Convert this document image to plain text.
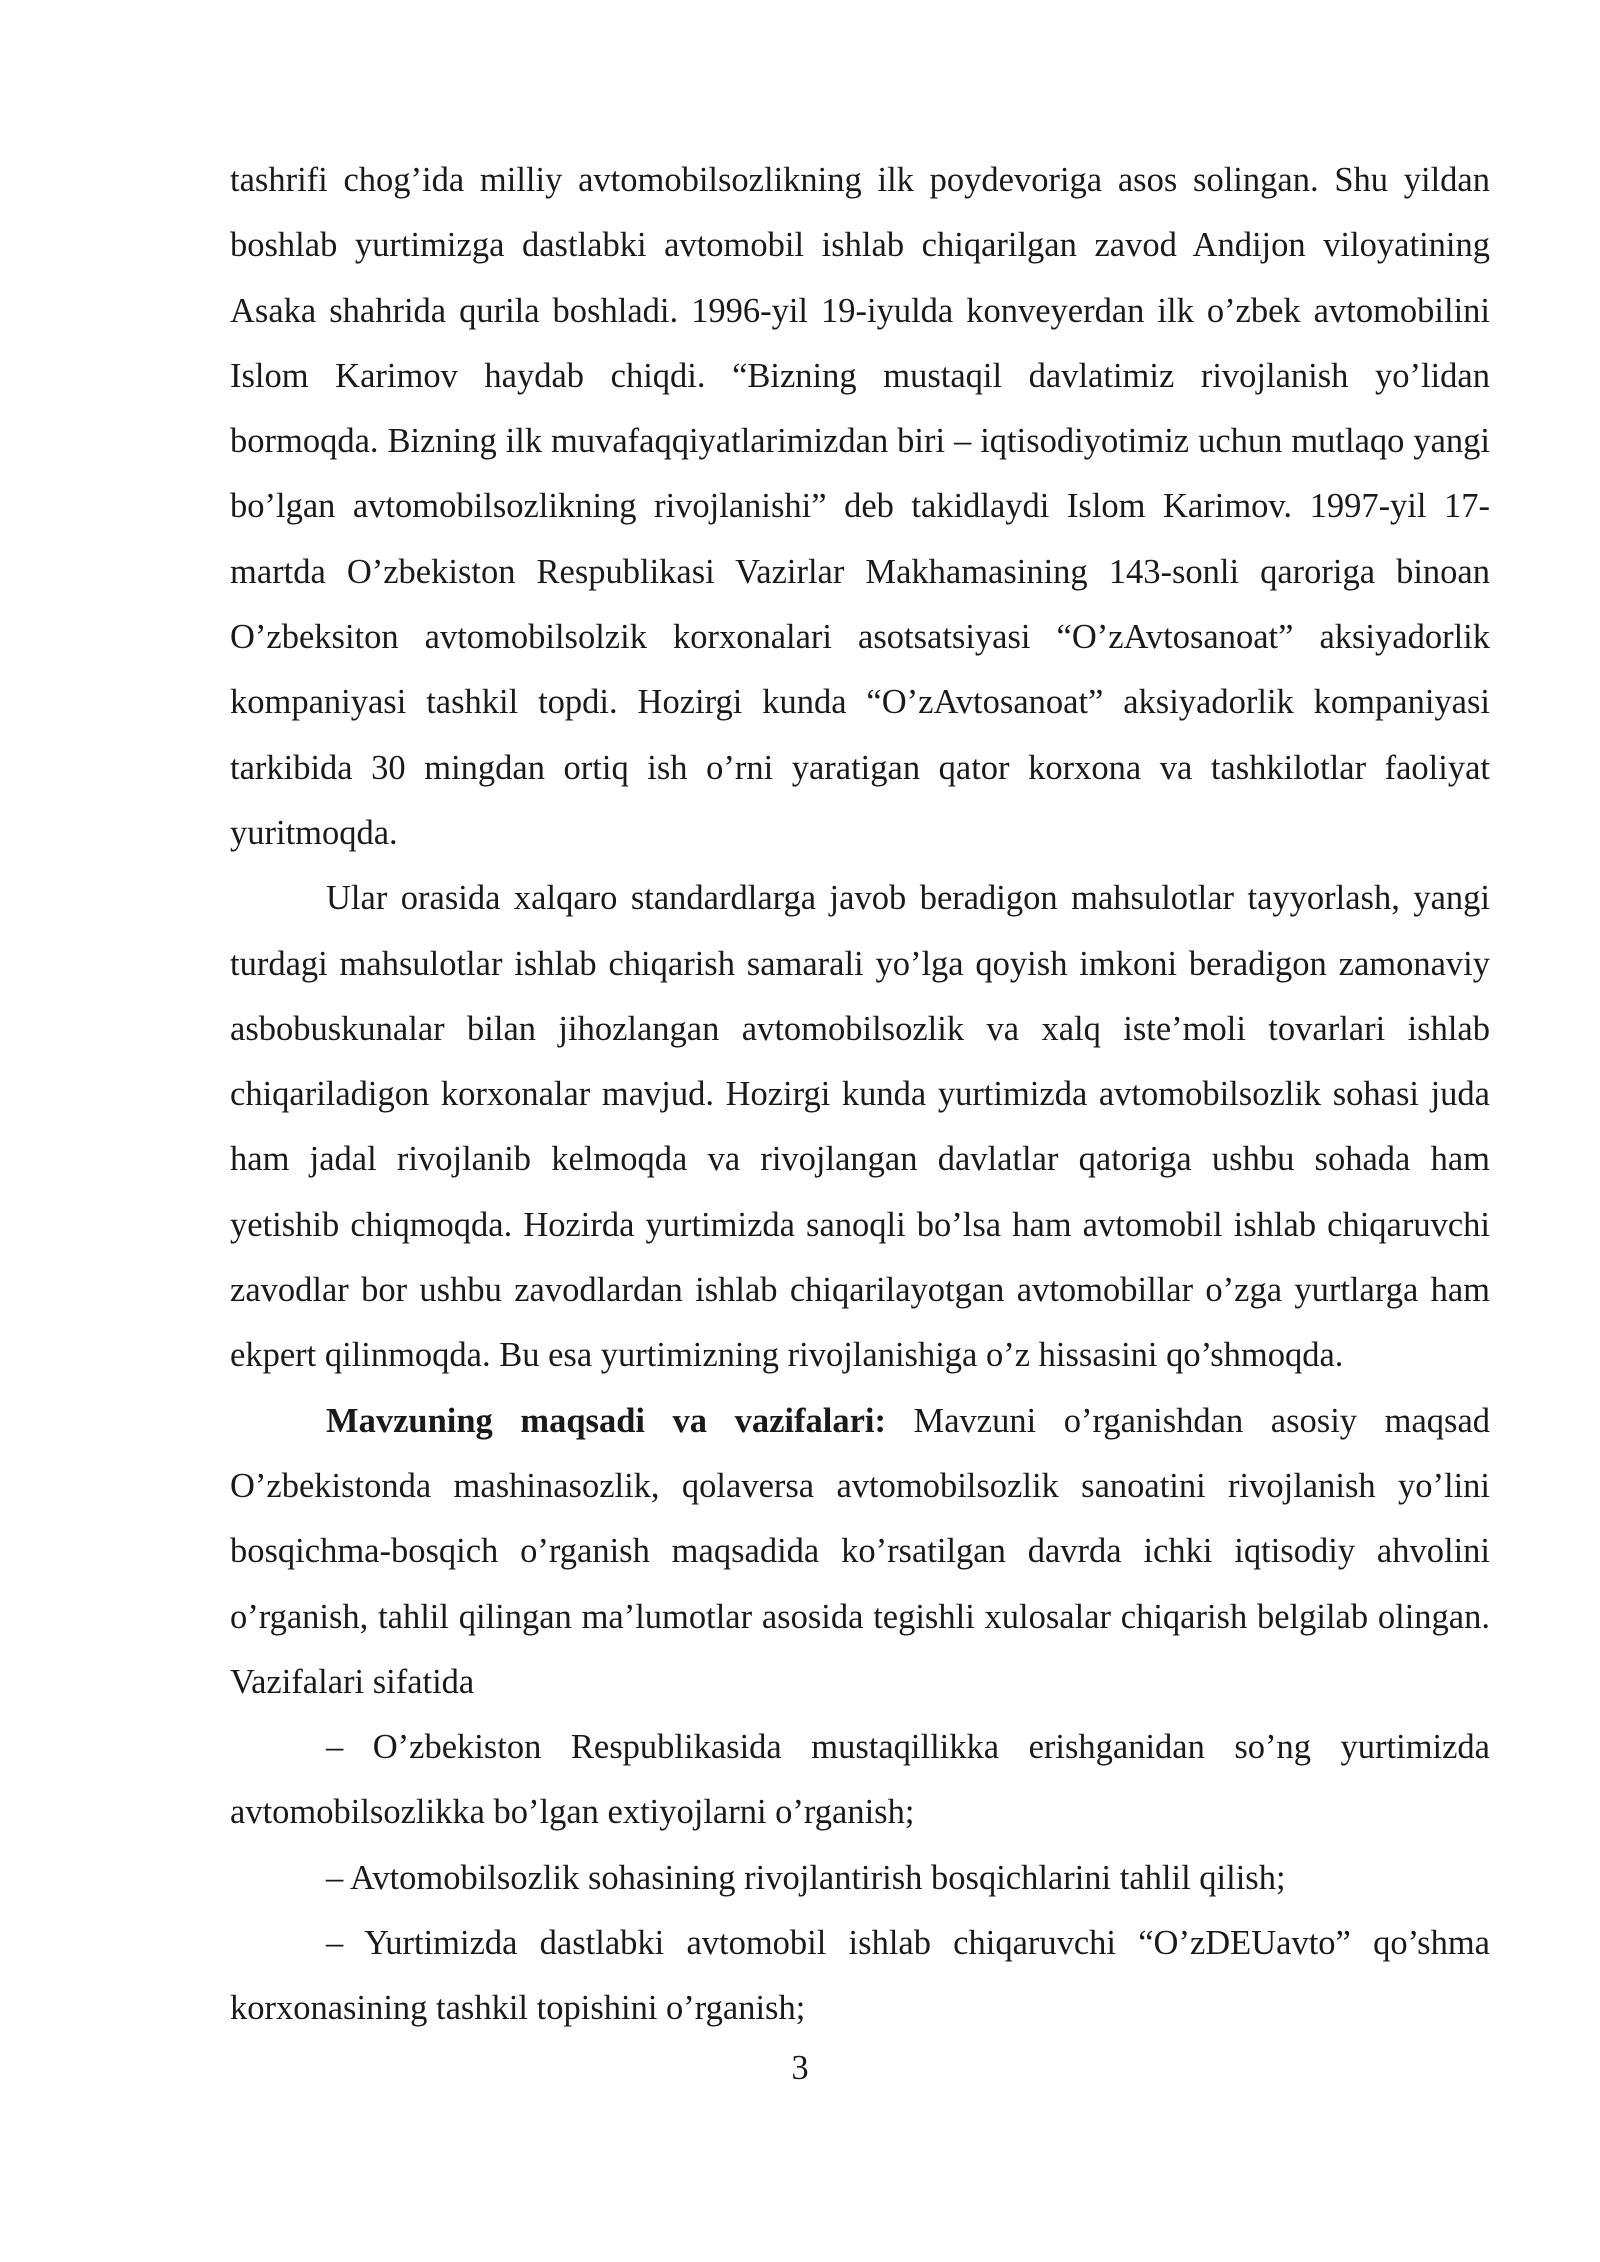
tashrifi chog’ida milliy avtomobilsozlikning ilk poydevoriga asos solingan. Shu yildan boshlab yurtimizga dastlabki avtomobil ishlab chiqarilgan zavod Andijon viloyatining Asaka shahrida qurila boshladi. 1996-yil 19-iyulda konveyerdan ilk o’zbek avtomobilini Islom Karimov haydab chiqdi. “Bizning mustaqil davlatimiz rivojlanish yo’lidan bormoqda. Bizning ilk muvafaqqiyatlarimizdan biri – iqtisodiyotimiz uchun mutlaqo yangi bo’lgan avtomobilsozlikning rivojlanishi” deb takidlaydi Islom Karimov. 1997-yil 17-martda O’zbekiston Respublikasi Vazirlar Makhamasining 143-sonli qaroriga binoan O’zbeksiton avtomobilsolzik korxonalari asotsatsiyasi “O’zAvtosanoat” aksiyadorlik kompaniyasi tashkil topdi. Hozirgi kunda “O’zAvtosanoat” aksiyadorlik kompaniyasi tarkibida 30 mingdan ortiq ish o’rni yaratigan qator korxona va tashkilotlar faoliyat yuritmoqda.

Ular orasida xalqaro standardlarga javob beradigon mahsulotlar tayyorlash, yangi turdagi mahsulotlar ishlab chiqarish samarali yo’lga qoyish imkoni beradigon zamonaviy asbobuskunalar bilan jihozlangan avtomobilsozlik va xalq iste’moli tovarlari ishlab chiqariladigon korxonalar mavjud. Hozirgi kunda yurtimizda avtomobilsozlik sohasi juda ham jadal rivojlanib kelmoqda va rivojlangan davlatlar qatoriga ushbu sohada ham yetishib chiqmoqda. Hozirda yurtimizda sanoqli bo’lsa ham avtomobil ishlab chiqaruvchi zavodlar bor ushbu zavodlardan ishlab chiqarilayotgan avtomobillar o’zga yurtlarga ham ekpert qilinmoqda. Bu esa yurtimizning rivojlanishiga o’z hissasini qo’shmoqda.

Mavzuning maqsadi va vazifalari: Mavzuni o’rganishdan asosiy maqsad O’zbekistonda mashinasozlik, qolaversa avtomobilsozlik sanoatini rivojlanish yo’lini bosqichma-bosqich o’rganish maqsadida ko’rsatilgan davrda ichki iqtisodiy ahvolini o’rganish, tahlil qilingan ma’lumotlar asosida tegishli xulosalar chiqarish belgilab olingan.    Vazifalari sifatida

– O’zbekiston Respublikasida mustaqillikka erishganidan so’ng yurtimizda avtomobilsozlikka bo’lgan extiyojlarni o’rganish;

– Avtomobilsozlik sohasining rivojlantirish bosqichlarini tahlil qilish;

– Yurtimizda dastlabki avtomobil ishlab chiqaruvchi “O’zDEUavto” qo’shma korxonasining tashkil topishini o’rganish;

3
